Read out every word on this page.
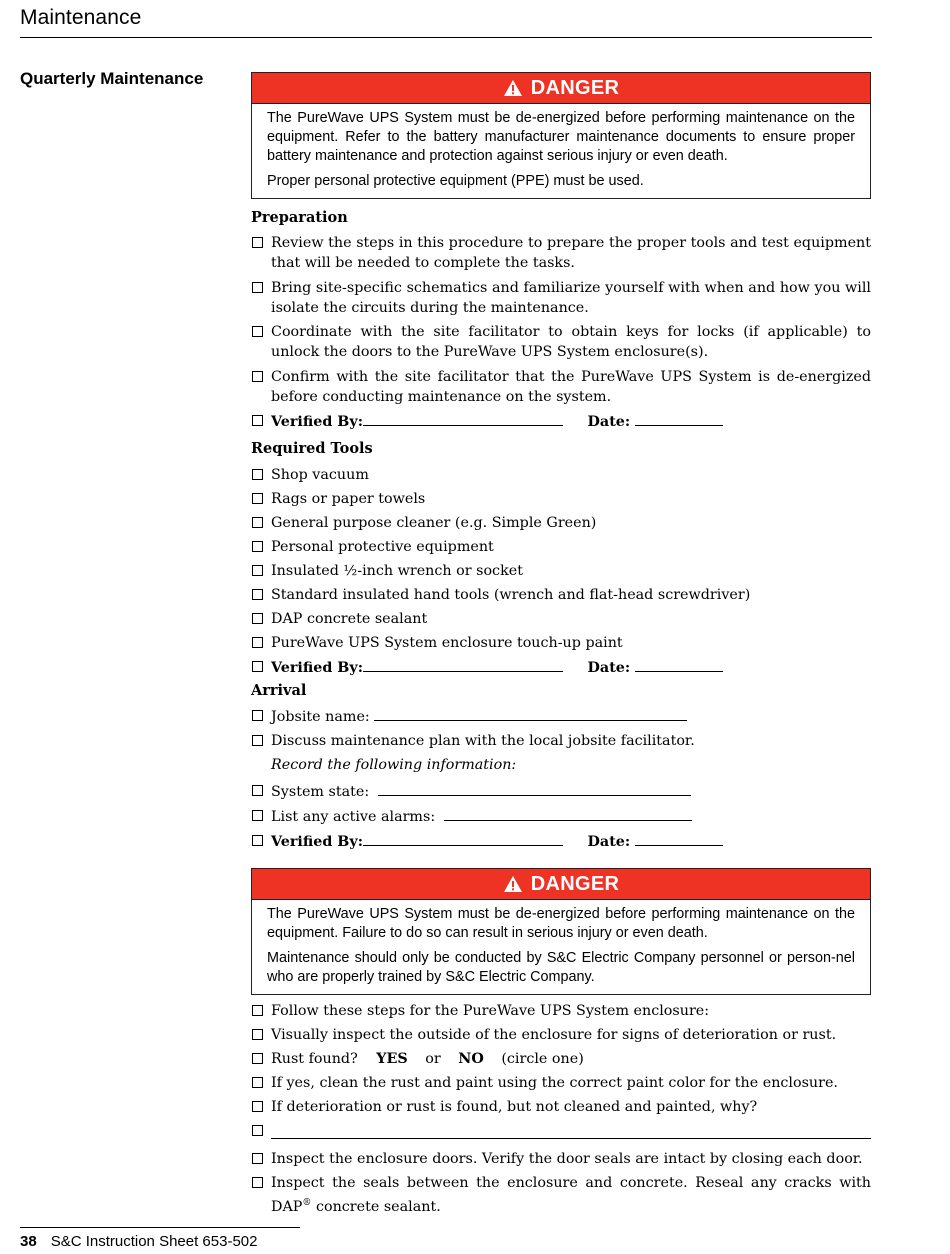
Maintenance
Quarterly Maintenance	DANGER

The PureWave UPS System must be de-energized before performing maintenance on the equipment. Refer to the battery manufacturer maintenance documents to ensure proper battery maintenance and protection against serious injury or even death.

Proper personal protective equipment (PPE) must be used.

Preparation
Review the steps in this procedure to prepare the proper tools and test equipment that will be needed to complete the tasks.
Bring site-specific schematics and familiarize yourself with when and how you will isolate the circuits during the maintenance.
Coordinate with the site facilitator to obtain keys for locks (if applicable) to unlock the doors to the PureWave UPS System enclosure(s).
Confirm with the site facilitator that the PureWave UPS System is de-energized before conducting maintenance on the system.
Verified By:	Date:
Required Tools
Shop vacuum
Rags or paper towels
General purpose cleaner (e.g. Simple Green)
Personal protective equipment
Insulated ½-inch wrench or socket
Standard insulated hand tools (wrench and flat-head screwdriver)
DAP concrete sealant
PureWave UPS System enclosure touch-up paint
Verified By:	Date:
Arrival
Jobsite name:
Discuss maintenance plan with the local jobsite facilitator.
Record the following information:
System state:
List any active alarms:
Verified By:	Date:
DANGER

The PureWave UPS System must be de-energized before performing maintenance on the equipment. Failure to do so can result in serious injury or even death.

Maintenance should only be conducted by S&C Electric Company personnel or person-nel who are properly trained by S&C Electric Company.

Follow these steps for the PureWave UPS System enclosure:
Visually inspect the outside of the enclosure for signs of deterioration or rust.
Rust found? YES or NO (circle one)
If yes, clean the rust and paint using the correct paint color for the enclosure.
If deterioration or rust is found, but not cleaned and painted, why?
Inspect the enclosure doors. Verify the door seals are intact by closing each door.
Inspect the seals between the enclosure and concrete. Reseal any cracks with DAP® concrete sealant.
38 S&C Instruction Sheet 653-502
